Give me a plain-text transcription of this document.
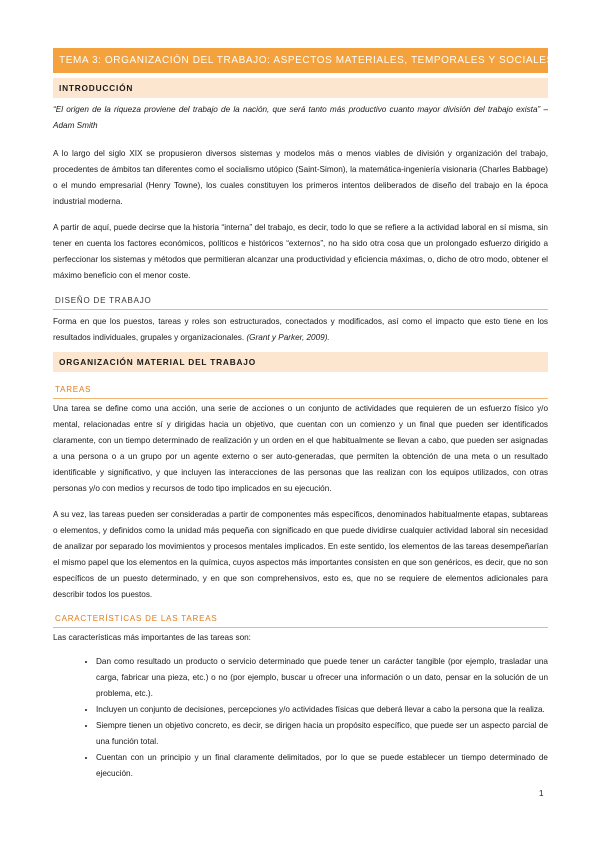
TEMA 3: ORGANIZACIÓN DEL TRABAJO: ASPECTOS MATERIALES, TEMPORALES Y SOCIALES
INTRODUCCIÓN

“El origen de la riqueza proviene del trabajo de la nación, que será tanto más productivo cuanto mayor división del trabajo exista” –Adam Smith

A lo largo del siglo XIX se propusieron diversos sistemas y modelos más o menos viables de división y organización del trabajo, procedentes de ámbitos tan diferentes como el socialismo utópico (Saint-Simon), la matemática-ingeniería visionaria (Charles Babbage) o el mundo empresarial (Henry Towne), los cuales constituyen los primeros intentos deliberados de diseño del trabajo en la época industrial moderna.

A partir de aquí, puede decirse que la historia “interna” del trabajo, es decir, todo lo que se refiere a la actividad laboral en sí misma, sin tener en cuenta los factores económicos, políticos e históricos “externos”, no ha sido otra cosa que un prolongado esfuerzo dirigido a perfeccionar los sistemas y métodos que permitieran alcanzar una productividad y eficiencia máximas, o, dicho de otro modo, obtener el máximo beneficio con el menor coste.

DISEÑO DE TRABAJO

Forma en que los puestos, tareas y roles son estructurados, conectados y modificados, así como el impacto que esto tiene en los resultados individuales, grupales y organizacionales. (Grant y Parker, 2009).

ORGANIZACIÓN MATERIAL DEL TRABAJO
TAREAS

Una tarea se define como una acción, una serie de acciones o un conjunto de actividades que requieren de un esfuerzo físico y/o mental, relacionadas entre sí y dirigidas hacia un objetivo, que cuentan con un comienzo y un final que pueden ser identificados claramente, con un tiempo determinado de realización y un orden en el que habitualmente se llevan a cabo, que pueden ser asignadas a una persona o a un grupo por un agente externo o ser auto-generadas, que permiten la obtención de una meta o un resultado identificable y significativo, y que incluyen las interacciones de las personas que las realizan con los equipos utilizados, con otras personas y/o con medios y recursos de todo tipo implicados en su ejecución.

A su vez, las tareas pueden ser consideradas a partir de componentes más específicos, denominados habitualmente etapas, subtareas o elementos, y definidos como la unidad más pequeña con significado en que puede dividirse cualquier actividad laboral sin necesidad de analizar por separado los movimientos y procesos mentales implicados. En este sentido, los elementos de las tareas desempeñarían el mismo papel que los elementos en la química, cuyos aspectos más importantes consisten en que son genéricos, es decir, que no son específicos de un puesto determinado, y en que son comprehensivos, esto es, que no se requiere de elementos adicionales para describir todos los puestos.

CARACTERÍSTICAS DE LAS TAREAS

Las características más importantes de las tareas son:

• Dan como resultado un producto o servicio determinado que puede tener un carácter tangible (por ejemplo, trasladar una carga, fabricar una pieza, etc.) o no (por ejemplo, buscar u ofrecer una información o un dato, pensar en la solución de un problema, etc.).
• Incluyen un conjunto de decisiones, percepciones y/o actividades físicas que deberá llevar a cabo la persona que la realiza.
• Siempre tienen un objetivo concreto, es decir, se dirigen hacia un propósito específico, que puede ser un aspecto parcial de una función total.
• Cuentan con un principio y un final claramente delimitados, por lo que se puede establecer un tiempo determinado de ejecución.
1
